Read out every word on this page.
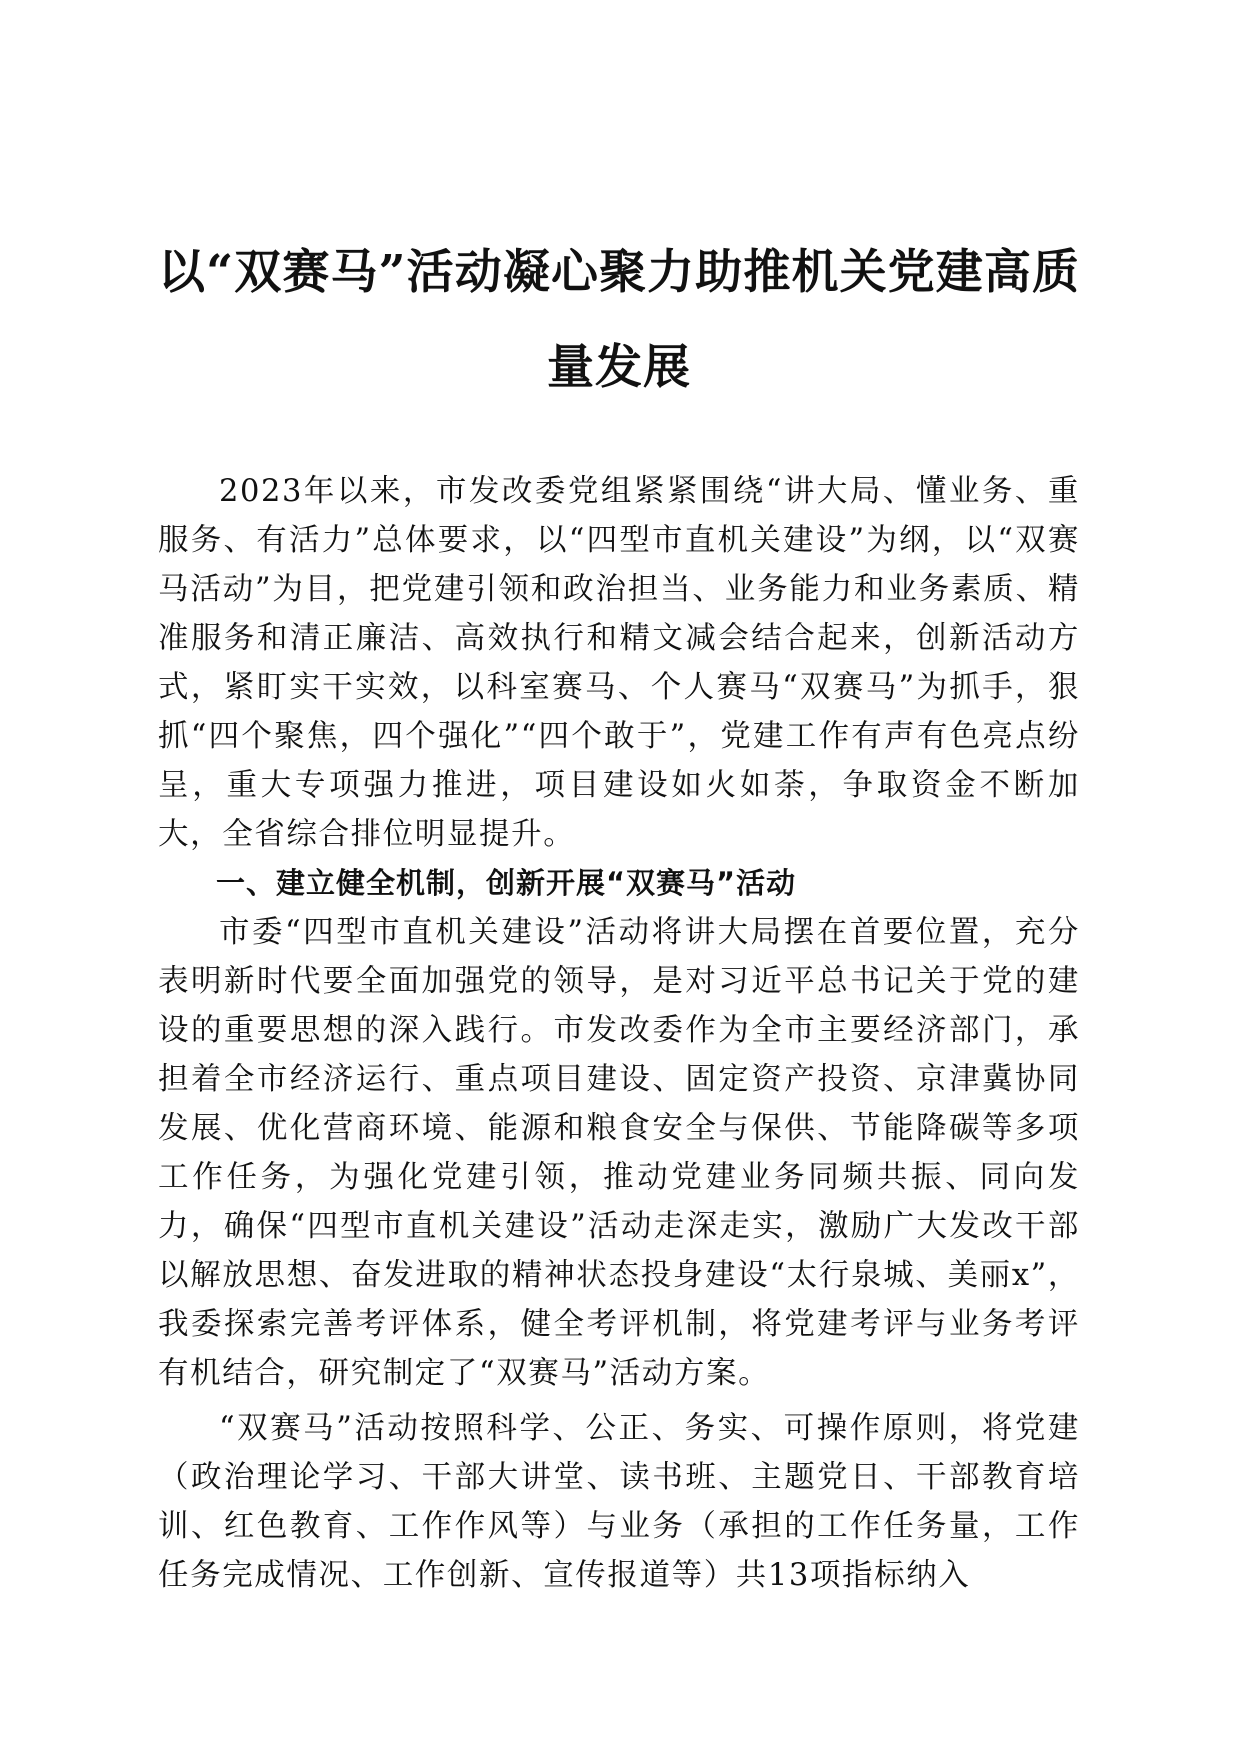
以“双赛马”活动凝心聚力助推机关党建高质量发展

2023年以来，市发改委党组紧紧围绕“讲大局、懂业务、重服务、有活力”总体要求，以“四型市直机关建设”为纲，以“双赛马活动”为目，把党建引领和政治担当、业务能力和业务素质、精准服务和清正廉洁、高效执行和精文减会结合起来，创新活动方式，紧盯实干实效，以科室赛马、个人赛马“双赛马”为抓手，狠抓“四个聚焦，四个强化”“四个敢于”，党建工作有声有色亮点纷呈，重大专项强力推进，项目建设如火如荼，争取资金不断加大，全省综合排位明显提升。

一、建立健全机制，创新开展“双赛马”活动

市委“四型市直机关建设”活动将讲大局摆在首要位置，充分表明新时代要全面加强党的领导，是对习近平总书记关于党的建设的重要思想的深入践行。市发改委作为全市主要经济部门，承担着全市经济运行、重点项目建设、固定资产投资、京津冀协同发展、优化营商环境、能源和粮食安全与保供、节能降碳等多项工作任务，为强化党建引领，推动党建业务同频共振、同向发力，确保“四型市直机关建设”活动走深走实，激励广大发改干部以解放思想、奋发进取的精神状态投身建设“太行泉城、美丽x”，我委探索完善考评体系，健全考评机制，将党建考评与业务考评有机结合，研究制定了“双赛马”活动方案。

“双赛马”活动按照科学、公正、务实、可操作原则，将党建（政治理论学习、干部大讲堂、读书班、主题党日、干部教育培训、红色教育、工作作风等）与业务（承担的工作任务量，工作任务完成情况、工作创新、宣传报道等）共13项指标纳入
